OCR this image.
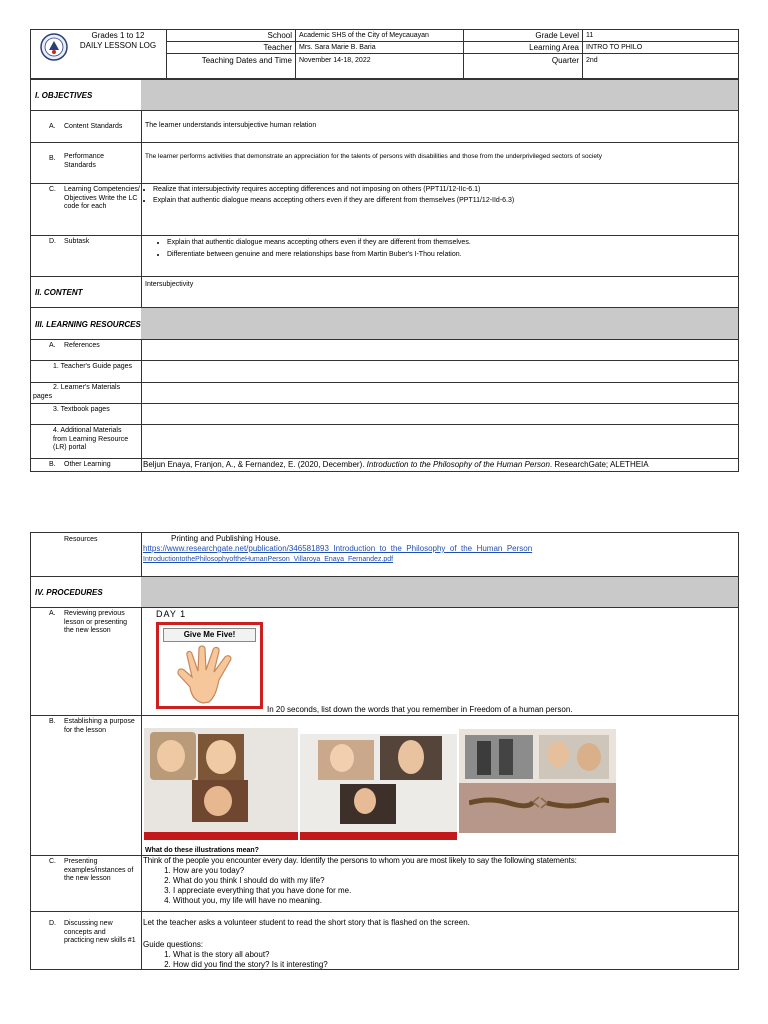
Grades 1 to 12
DAILY LESSON LOG
School Academic SHS of the City of Meycauayan
Teacher Mrs. Sara Marie B. Baria
Teaching Dates and Time November 14-18, 2022
Grade Level 11
Learning Area INTRO TO PHILO
Quarter 2nd
I. OBJECTIVES
A. Content Standards	The learner understands intersubjective human relation
B. Performance Standards
The learner performs activities that demonstrate an appreciation for the talents of persons with disabilities and those from the underprivileged sectors of society
C. Learning Competencies/ Objectives Write the LC code for each
• Realize that intersubjectivity requires accepting differences and not imposing on others (PPT11/12-IIc-6.1)
• Explain that authentic dialogue means accepting others even if they are different from themselves (PPT11/12-IId-6.3)
D. Subtask
•	Explain that authentic dialogue means accepting others even if they are different from themselves.
• Differentiate between genuine and mere relationships base from Martin Buber's I-Thou relation.
II. CONTENT
Intersubjectivity
III. LEARNING RESOURCES
A. References
1. Teacher's Guide pages
2. Learner's Materials pages
3. Textbook pages
4. Additional Materials from Learning Resource (LR) portal
B. Other Learning	Beljun Enaya, Franjon, A., & Fernandez, E. (2020, December). Introduction to the Philosophy of the Human Person. ResearchGate; ALETHEIA
Resources	Printing and Publishing House.
https://www.researchgate.net/publication/346581893_Introduction_to_the_Philosophy_of_the_Human_Person
IntroductiontothePhilosophyoftheHumanPerson_Villaroya_Enaya_Fernandez.pdf
IV. PROCEDURES
A. Reviewing previous lesson or presenting the new lesson
DAY 1
Give Me Five!
In 20 seconds, list down the words that you remember in Freedom of a human person.
B. Establishing a purpose for the lesson
What do these illustrations mean?
C. Presenting examples/instances of the new lesson
Think of the people you encounter every day. Identify the persons to whom you are most likely to say the following statements:
1. How are you today?
2. What do you think I should do with my life?
3. I appreciate everything that you have done for me.
4. Without you, my life will have no meaning.
D. Discussing new concepts and practicing new skills #1
Let the teacher asks a volunteer student to read the short story that is flashed on the screen.
Guide questions:
1. What is the story all about?
2. How did you find the story? Is it interesting?
